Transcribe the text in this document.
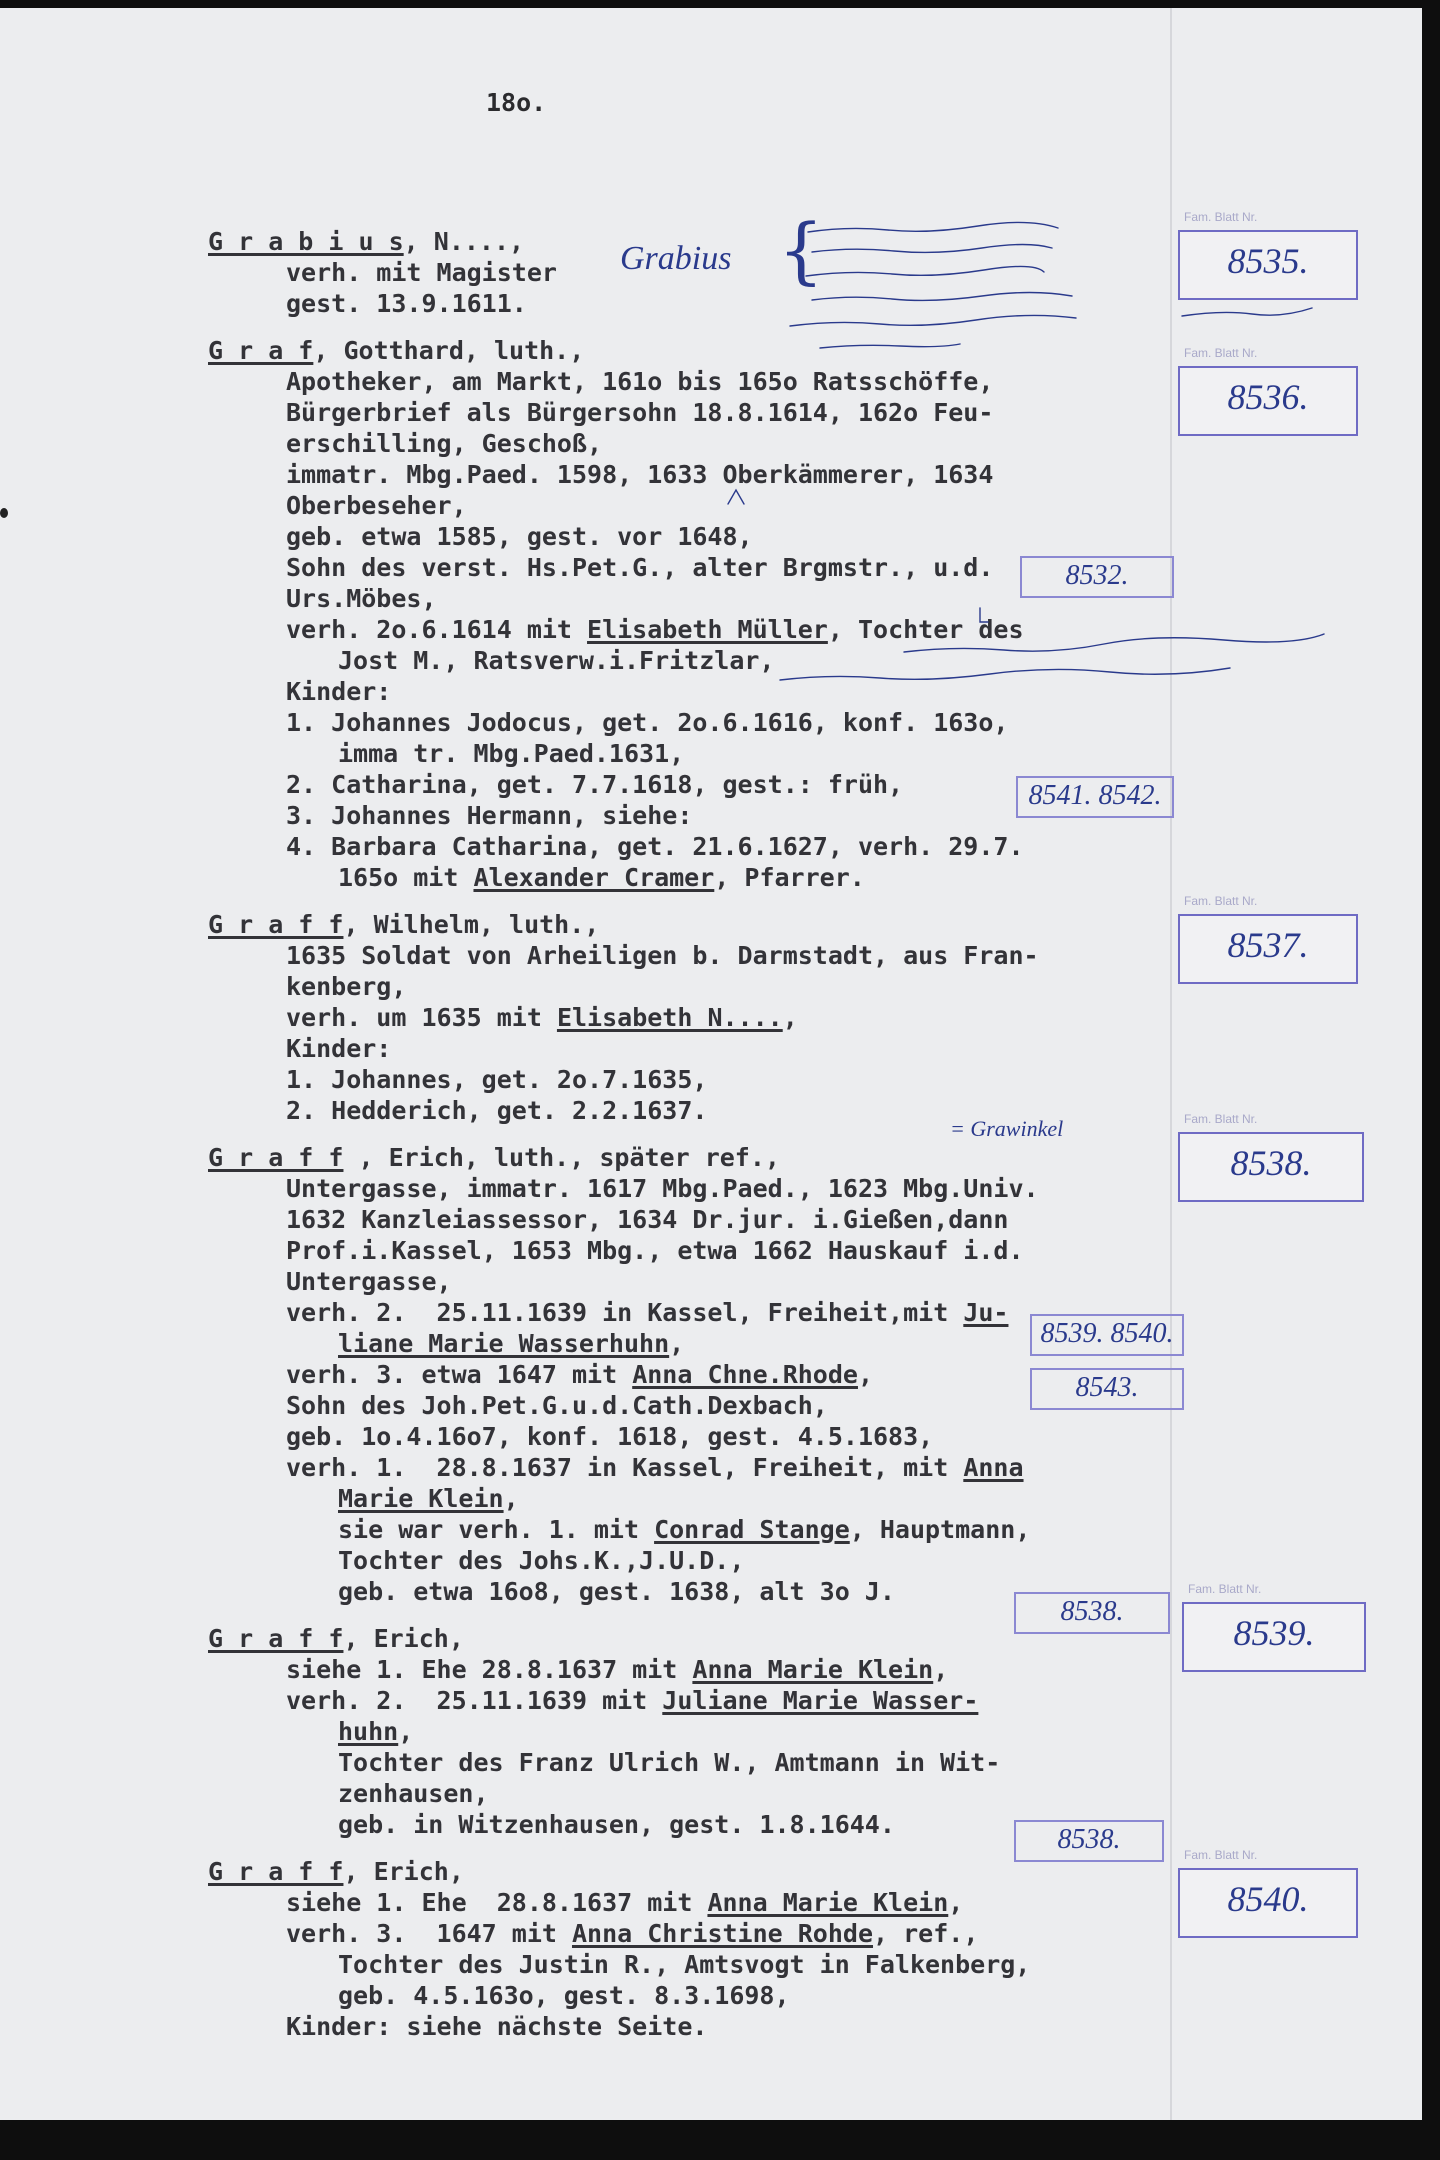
18o.
G r a b i u s, N....,
verh. mit Magister
gest. 13.9.1611.
G r a f, Gotthard, luth.,
Apotheker, am Markt, 161o bis 165o Ratsschöffe,
Bürgerbrief als Bürgersohn 18.8.1614, 162o Feu-
erschilling, Geschoß,
immatr. Mbg.Paed. 1598, 1633 Oberkämmerer, 1634
Oberbeseher,
geb. etwa 1585, gest. vor 1648,
Sohn des verst. Hs.Pet.G., alter Brgmstr., u.d.
Urs.Möbes,
verh. 2o.6.1614 mit Elisabeth Müller, Tochter des
Jost M., Ratsverw.i.Fritzlar,
Kinder:
1. Johannes Jodocus, get. 2o.6.1616, konf. 163o,
imma tr. Mbg.Paed.1631,
2. Catharina, get. 7.7.1618, gest.: früh,
3. Johannes Hermann, siehe:
4. Barbara Catharina, get. 21.6.1627, verh. 29.7.
165o mit Alexander Cramer, Pfarrer.
G r a f f, Wilhelm, luth.,
1635 Soldat von Arheiligen b. Darmstadt, aus Fran-
kenberg,
verh. um 1635 mit Elisabeth N....,
Kinder:
1. Johannes, get. 2o.7.1635,
2. Hedderich, get. 2.2.1637.
G r a f f , Erich, luth., später ref.,
Untergasse, immatr. 1617 Mbg.Paed., 1623 Mbg.Univ.
1632 Kanzleiassessor, 1634 Dr.jur. i.Gießen,dann
Prof.i.Kassel, 1653 Mbg., etwa 1662 Hauskauf i.d.
Untergasse,
verh. 2.  25.11.1639 in Kassel, Freiheit,mit Ju-
liane Marie Wasserhuhn,
verh. 3. etwa 1647 mit Anna Chne.Rhode,
Sohn des Joh.Pet.G.u.d.Cath.Dexbach,
geb. 1o.4.16o7, konf. 1618, gest. 4.5.1683,
verh. 1.  28.8.1637 in Kassel, Freiheit, mit Anna
Marie Klein,
sie war verh. 1. mit Conrad Stange, Hauptmann,
Tochter des Johs.K.,J.U.D.,
geb. etwa 16o8, gest. 1638, alt 3o J.
G r a f f, Erich,
siehe 1. Ehe 28.8.1637 mit Anna Marie Klein,
verh. 2.  25.11.1639 mit Juliane Marie Wasser-
huhn,
Tochter des Franz Ulrich W., Amtmann in Wit-
zenhausen,
geb. in Witzenhausen, gest. 1.8.1644.
G r a f f, Erich,
siehe 1. Ehe  28.8.1637 mit Anna Marie Klein,
verh. 3.  1647 mit Anna Christine Rohde, ref.,
Tochter des Justin R., Amtsvogt in Falkenberg,
geb. 4.5.163o, gest. 8.3.1698,
Kinder: siehe nächste Seite.
Fam. Blatt Nr.
8535.
Fam. Blatt Nr.
8536.
Fam. Blatt Nr.
8537.
Fam. Blatt Nr.
8538.
Fam. Blatt Nr.
8539.
Fam. Blatt Nr.
8540.
8532.
8541. 8542.
8539. 8540.
8543.
8538.
8538.
Grabius {
= Grawinkel
